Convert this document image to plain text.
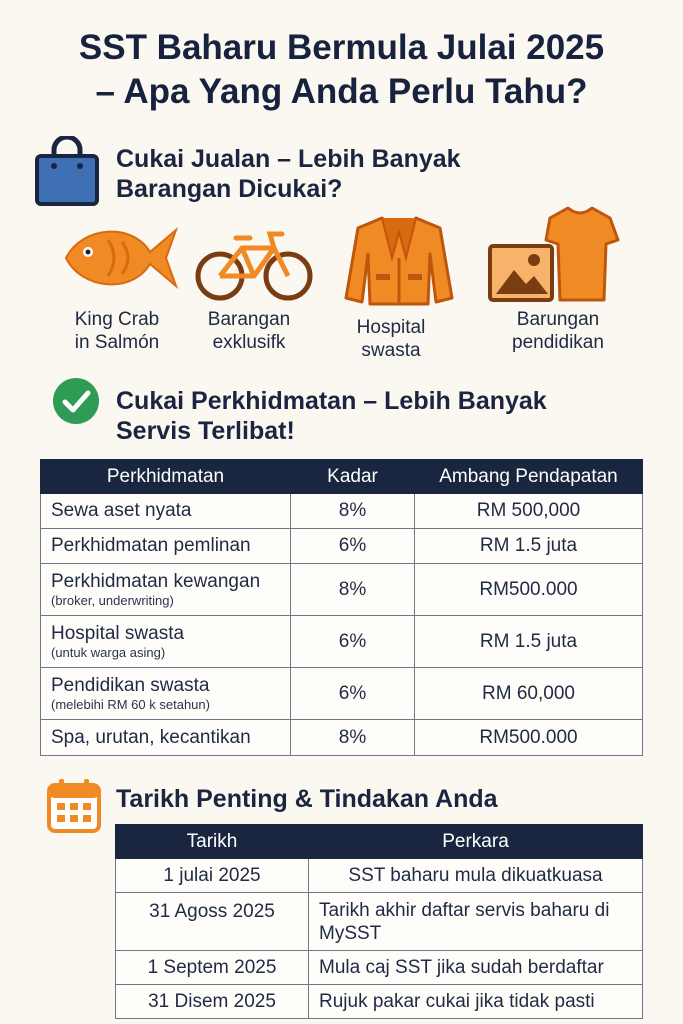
SST Baharu Bermula Julai 2025
– Apa Yang Anda Perlu Tahu?
Cukai Jualan – Lebih Banyak
Barangan Dicukai?
King Crab
in Salmón
Barangan
exklusifk
Hospital
swasta
Barungan
pendidikan
Cukai Perkhidmatan – Lebih Banyak
Servis Terlibat!
Perkhidmatan	Kadar	Ambang Pendapatan
Sewa aset nyata	8%	RM 500,000
Perkhidmatan pemlinan	6%	RM 1.5 juta
Perkhidmatan kewangan
(broker, underwriting)	8%	RM500.000
Hospital swasta
(untuk warga asing)	6%	RM 1.5 juta
Pendidikan swasta
(melebihi RM 60 k setahun)	6%	RM 60,000
Spa, urutan, kecantikan	8%	RM500.000
Tarikh Penting & Tindakan Anda
Tarikh	Perkara
1 julai 2025	SST baharu mula dikuatkuasa
31 Agoss 2025	Tarikh akhir daftar servis baharu di MySST
1 Septem 2025	Mula caj SST jika sudah berdaftar
31 Disem 2025	Rujuk pakar cukai jika tidak pasti
